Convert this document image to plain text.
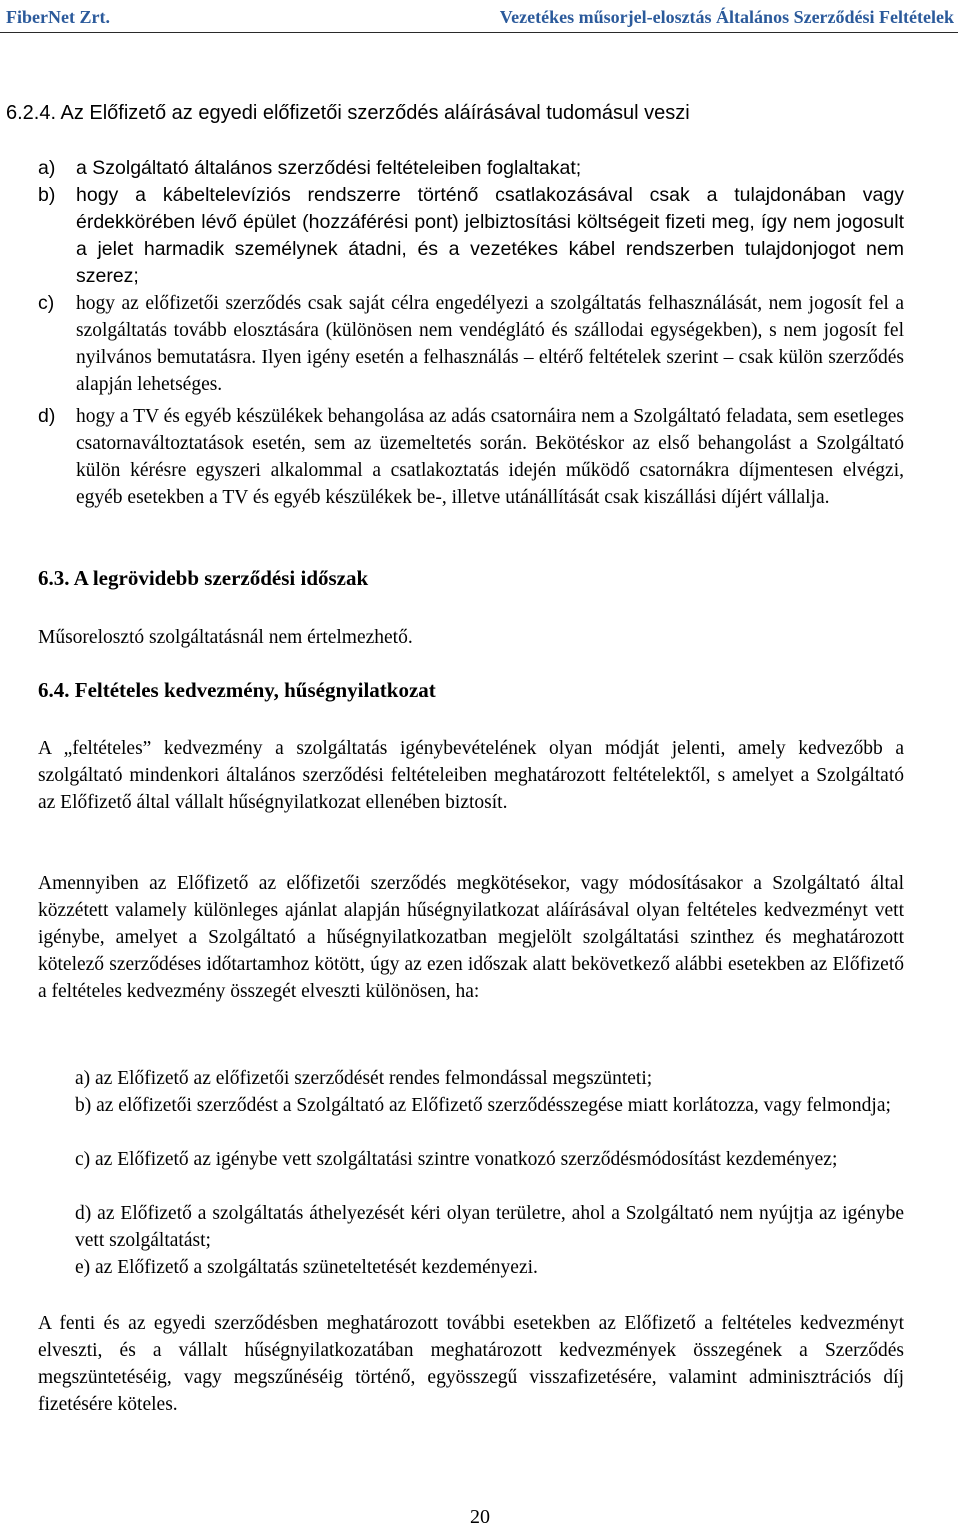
FiberNet Zrt.	Vezetékes műsorjel-elosztás Általános Szerződési Feltételek
6.2.4. Az Előfizető az egyedi előfizetői szerződés aláírásával tudomásul veszi
a) a Szolgáltató általános szerződési feltételeiben foglaltakat;
b) hogy a kábeltelevíziós rendszerre történő csatlakozásával csak a tulajdonában vagy érdekkörében lévő épület (hozzáférési pont) jelbiztosítási költségeit fizeti meg, így nem jogosult a jelet harmadik személynek átadni, és a vezetékes kábel rendszerben tulajdonjogot nem szerez;
c) hogy az előfizetői szerződés csak saját célra engedélyezi a szolgáltatás felhasználását, nem jogosít fel a szolgáltatás tovább elosztására (különösen nem vendéglátó és szállodai egységekben), s nem jogosít fel nyilvános bemutatásra. Ilyen igény esetén a felhasználás – eltérő feltételek szerint – csak külön szerződés alapján lehetséges.
d) hogy a TV és egyéb készülékek behangolása az adás csatornáira nem a Szolgáltató feladata, sem esetleges csatornaváltoztatások esetén, sem az üzemeltetés során. Bekötéskor az első behangolást a Szolgáltató külön kérésre egyszeri alkalommal a csatlakoztatás idején működő csatornákra díjmentesen elvégzi, egyéb esetekben a TV és egyéb készülékek be-, illetve utánállítását csak kiszállási díjért vállalja.
6.3. A legrövidebb szerződési időszak
Műsorelosztó szolgáltatásnál nem értelmezhető.
6.4. Feltételes kedvezmény, hűségnyilatkozat
A „feltételes” kedvezmény a szolgáltatás igénybevételének olyan módját jelenti, amely kedvezőbb a szolgáltató mindenkori általános szerződési feltételeiben meghatározott feltételektől, s amelyet a Szolgáltató az Előfizető által vállalt hűségnyilatkozat ellenében biztosít.
Amennyiben az Előfizető az előfizetői szerződés megkötésekor, vagy módosításakor a Szolgáltató által közzétett valamely különleges ajánlat alapján hűségnyilatkozat aláírásával olyan feltételes kedvezményt vett igénybe, amelyet a Szolgáltató a hűségnyilatkozatban megjelölt szolgáltatási szinthez és meghatározott kötelező szerződéses időtartamhoz kötött, úgy az ezen időszak alatt bekövetkező alábbi esetekben az Előfizető a feltételes kedvezmény összegét elveszti különösen, ha:
a) az Előfizető az előfizetői szerződését rendes felmondással megszünteti;
b) az előfizetői szerződést a Szolgáltató az Előfizető szerződésszegése miatt korlátozza, vagy felmondja;
c) az Előfizető az igénybe vett szolgáltatási szintre vonatkozó szerződésmódosítást kezdeményez;
d) az Előfizető a szolgáltatás áthelyezését kéri olyan területre, ahol a Szolgáltató nem nyújtja az igénybe vett szolgáltatást;
e) az Előfizető a szolgáltatás szüneteltetését kezdeményezi.
A fenti és az egyedi szerződésben meghatározott további esetekben az Előfizető a feltételes kedvezményt elveszti, és a vállalt hűségnyilatkozatában meghatározott kedvezmények összegének a Szerződés megszüntetéséig, vagy megszűnéséig történő, egyösszegű visszafizetésére, valamint adminisztrációs díj fizetésére köteles.
20
